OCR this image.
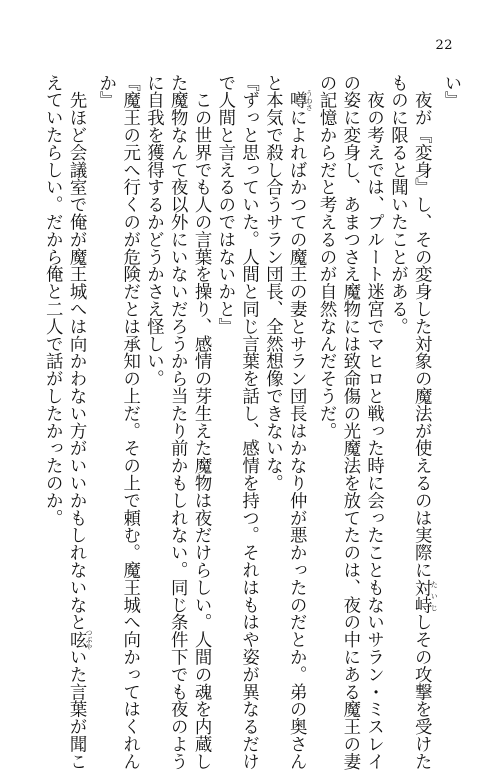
22
い』
　夜が『変身』し、その変身した対象の魔法が使えるのは実際に対峙 たいじしその攻撃を受けた
ものに限ると聞いたことがある。
　夜の考えでは、プルート迷宮でマヒロと戦った時に会ったこともないサラン・ミスレイ
の姿に変身し、あまつさえ魔物には致命傷の光魔法を放てたのは、夜の中にある魔王の妻
の記憶からだと考えるのが自然なんだそうだ。
　噂 うわさによればかつての魔王の妻とサラン団長はかなり仲が悪かったのだとか。弟の奥さん
と本気で殺し合うサラン団長、全然想像できないな。
『ずっと思っていた。人間と同じ言葉を話し、感情を持つ。それはもはや姿が異なるだけ
で人間と言えるのではないかと』
　この世界でも人の言葉を操り、感情の芽生えた魔物は夜だけらしい。人間の魂を内蔵し
た魔物なんて夜以外にいないだろうから当たり前かもしれない。同じ条件下でも夜のよう
に自我を獲得するかどうかさえ怪しい。
『魔王の元へ行くのが危険だとは承知の上だ。その上で頼む。魔王城へ向かってはくれん
か』
　先ほど会議室で俺が魔王城へは向かわない方がいいかもしれないなと呟 つぶやいた言葉が聞こ
えていたらしい。だから俺と二人で話がしたかったのか。
